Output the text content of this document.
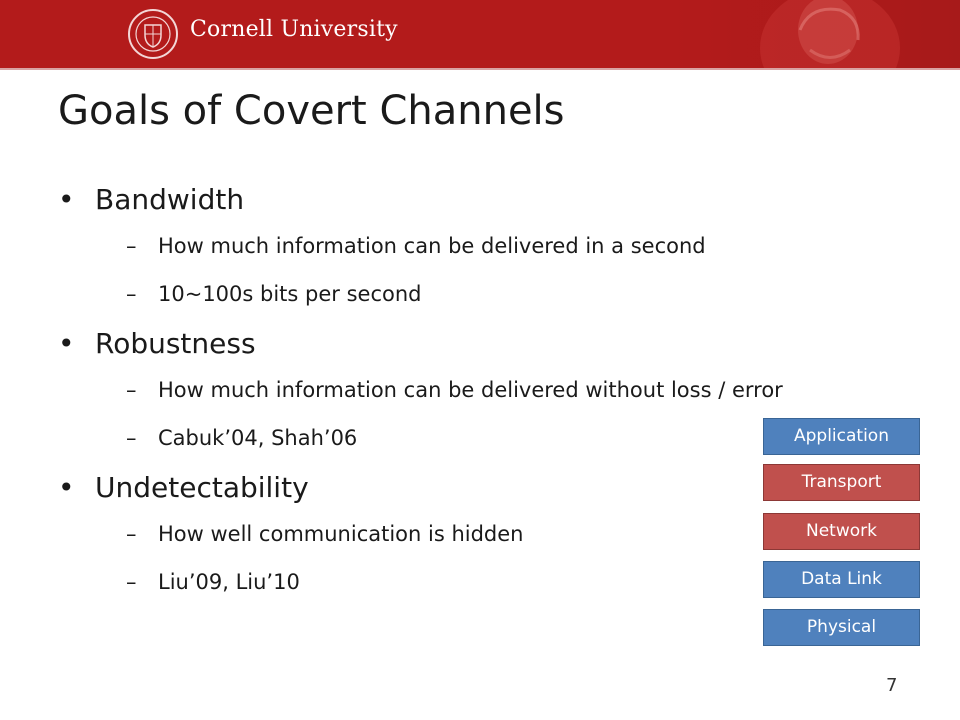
Cornell University
Goals of Covert Channels
• Bandwidth
– How much information can be delivered in a second
– 10~100s bits per second
• Robustness
– How much information can be delivered without loss / error
– Cabuk’04, Shah’06
• Undetectability
– How well communication is hidden
– Liu’09, Liu’10
Application
Transport
Network
Data Link
Physical
7
